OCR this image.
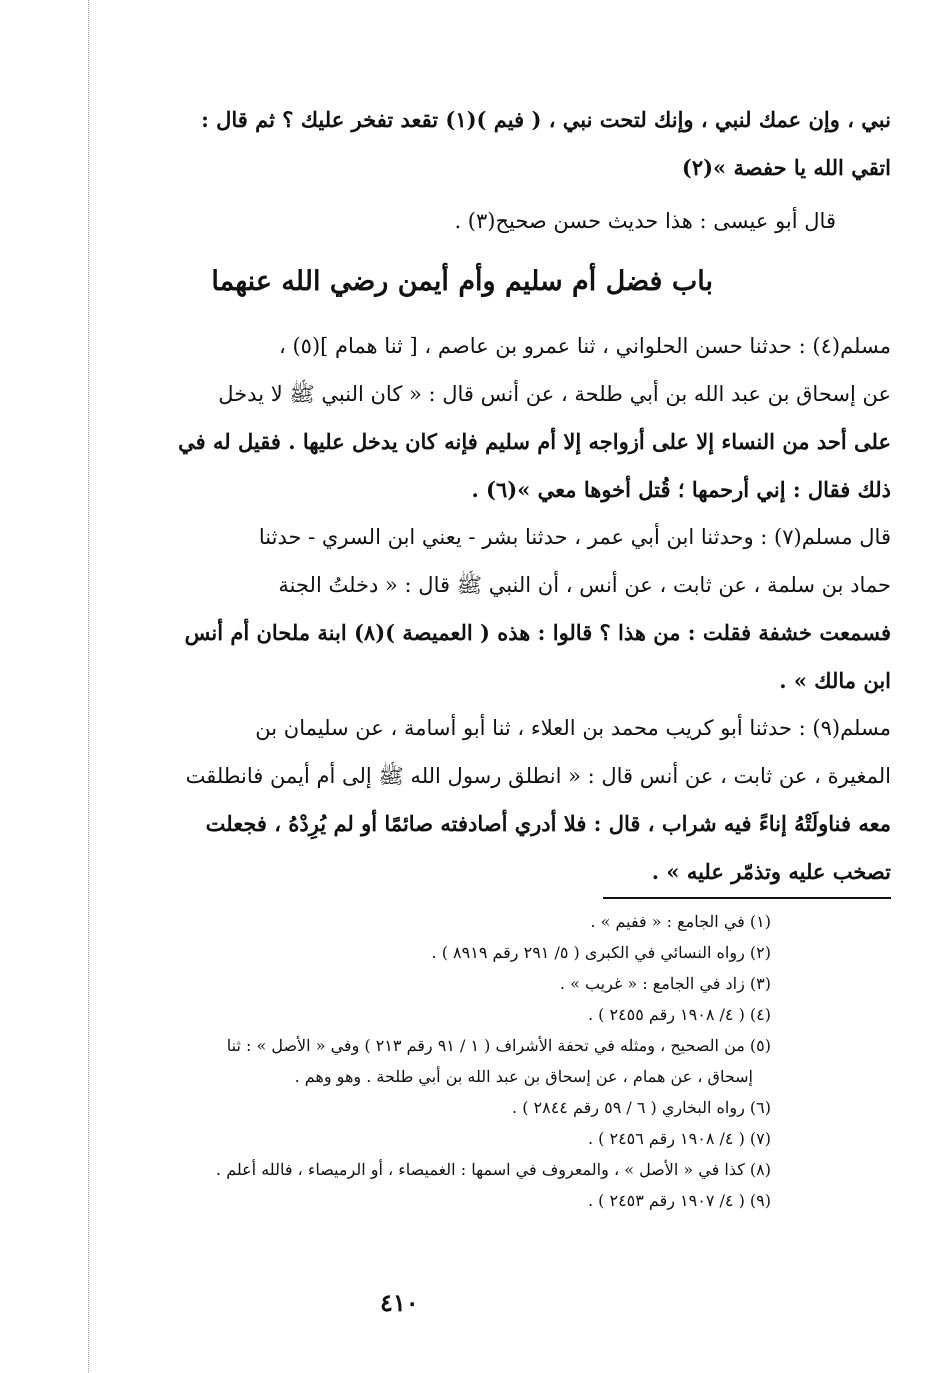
نبي ، وإن عمك لنبي ، وإنك لتحت نبي ، ( فيم )(١) تقعد تفخر عليك ؟ ثم قال :
اتقي الله يا حفصة »(٢)
قال أبو عيسى : هذا حديث حسن صحيح(٣) .
باب فضل أم سليم وأم أيمن رضي الله عنهما
مسلم(٤) : حدثنا حسن الحلواني ، ثنا عمرو بن عاصم ، [ ثنا همام ](٥) ،
عن إسحاق بن عبد الله بن أبي طلحة ، عن أنس قال : « كان النبي ﷺ لا يدخل
على أحد من النساء إلا على أزواجه إلا أم سليم فإنه كان يدخل عليها . فقيل له في
ذلك فقال : إني أرحمها ؛ قُتل أخوها معي »(٦) .
قال مسلم(٧) : وحدثنا ابن أبي عمر ، حدثنا بشر - يعني ابن السري - حدثنا
حماد بن سلمة ، عن ثابت ، عن أنس ، أن النبي ﷺ قال : « دخلتُ الجنة
فسمعت خشفة فقلت : من هذا ؟ قالوا : هذه ( العميصة )(٨) ابنة ملحان أم أنس
ابن مالك » .
مسلم(٩) : حدثنا أبو كريب محمد بن العلاء ، ثنا أبو أسامة ، عن سليمان بن
المغيرة ، عن ثابت ، عن أنس قال : « انطلق رسول الله ﷺ إلى أم أيمن فانطلقت
معه فناولَتْهُ إناءً فيه شراب ، قال : فلا أدري أصادفته صائمًا أو لم يُرِدْهُ ، فجعلت
تصخب عليه وتذمّر عليه » .
(١) في الجامع : « ففيم » .
(٢) رواه النسائي في الكبرى ( ٥/ ٢٩١ رقم ٨٩١٩ ) .
(٣) زاد في الجامع : « غريب » .
(٤) ( ٤/ ١٩٠٨ رقم ٢٤٥٥ ) .
(٥) من الصحيح ، ومثله في تحفة الأشراف ( ١ / ٩١ رقم ٢١٣ ) وفي « الأصل » : ثنا
إسحاق ، عن همام ، عن إسحاق بن عبد الله بن أبي طلحة . وهو وهم .
(٦) رواه البخاري ( ٦ / ٥٩ رقم ٢٨٤٤ ) .
(٧) ( ٤/ ١٩٠٨ رقم ٢٤٥٦ ) .
(٨) كذا في « الأصل » ، والمعروف في اسمها : الغميصاء ، أو الرميصاء ، فالله أعلم .
(٩) ( ٤/ ١٩٠٧ رقم ٢٤٥٣ ) .
٤١٠
